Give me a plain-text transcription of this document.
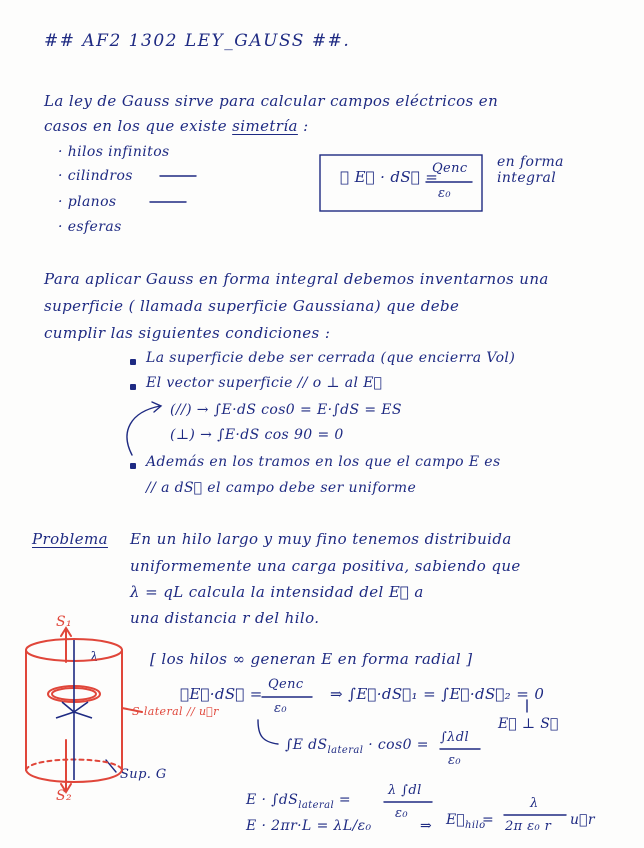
## AF2 1302 LEY_GAUSS ##.
La ley de Gauss sirve para calcular campos eléctricos en
casos en los que existe simetría :
· hilos infinitos
· cilindros
· planos
· esferas
∮ E⃗ · dS⃗ =
Qenc
ε₀
en forma
integral
Para aplicar Gauss en forma integral debemos inventarnos una
superficie ( llamada superficie Gaussiana) que debe
cumplir las siguientes condiciones :
La superficie debe ser cerrada (que encierra Vol)
El vector superficie // o ⊥ al E⃗
(//) → ∫E·dS cos0 = E·∫dS = ES
(⊥) → ∫E·dS cos 90 = 0
Además en los tramos en los que el campo E es
// a dS⃗ el campo debe ser uniforme
Problema En un hilo largo y muy fino tenemos distribuida
uniformemente una carga positiva, sabiendo que
λ = qL calcula la intensidad del E⃗ a
una distancia r del hilo.
S₁
λ
S lateral // u⃗r
Sup. G
S₂
[ los hilos ∞ generan E en forma radial ]
∮E⃗·dS⃗ =
Qenc
ε₀
⇒ ∫E⃗·dS⃗₁ = ∫E⃗·dS⃗₂ = 0
E⃗ ⊥ S⃗
∫E $dS_{lateral} \cdot \cos 0 = \int\lambda dl$
ε₀
$E \cdot \int dS_{lateral}$ =
λ ∫dl
ε₀
E · 2πr·L = λL/ε₀	⇒ $E⃗_{hilo}$
=
λ
2π ε₀ r u⃗r
